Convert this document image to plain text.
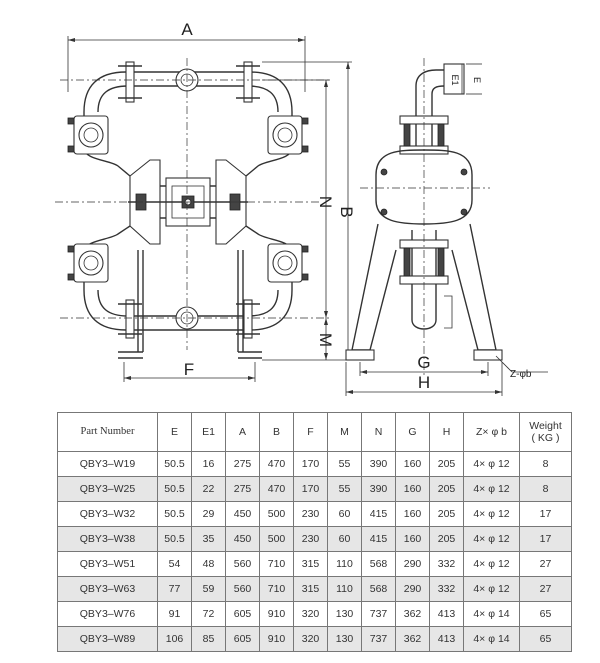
A
F
N
B
M
E1 E
G
H	Z-φb
Part Number	E	E1	A	B	F	M	N	G	H	Z× φ b	Weight
( KG )
QBY3–W19	50.5	16	275	470	170	55	390	160	205	4× φ 12	8
QBY3–W25	50.5	22	275	470	170	55	390	160	205	4× φ 12	8
QBY3–W32	50.5	29	450	500	230	60	415	160	205	4× φ 12	17
QBY3–W38	50.5	35	450	500	230	60	415	160	205	4× φ 12	17
QBY3–W51	54	48	560	710	315	110	568	290	332	4× φ 12	27
QBY3–W63	77	59	560	710	315	110	568	290	332	4× φ 12	27
QBY3–W76	91	72	605	910	320	130	737	362	413	4× φ 14	65
QBY3–W89	106	85	605	910	320	130	737	362	413	4× φ 14	65
